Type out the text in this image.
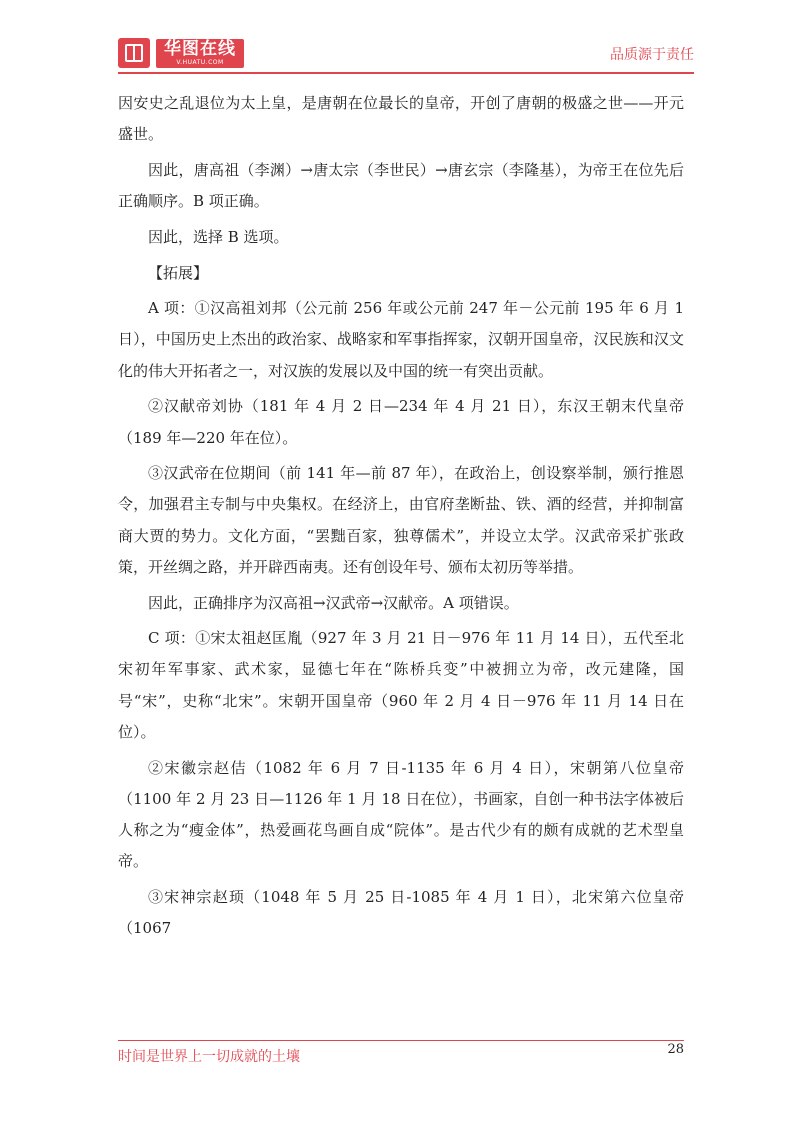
华图在线
V.HUATU.COM	品质源于责任

因安史之乱退位为太上皇，是唐朝在位最长的皇帝，开创了唐朝的极盛之世——开元盛世。

因此，唐高祖（李渊）→唐太宗（李世民）→唐玄宗（李隆基），为帝王在位先后正确顺序。B 项正确。

因此，选择 B 选项。

【拓展】

A 项：①汉高祖刘邦（公元前 256 年或公元前 247 年－公元前 195 年 6 月 1 日），中国历史上杰出的政治家、战略家和军事指挥家，汉朝开国皇帝，汉民族和汉文化的伟大开拓者之一，对汉族的发展以及中国的统一有突出贡献。

②汉献帝刘协（181 年 4 月 2 日—234 年 4 月 21 日），东汉王朝末代皇帝（189 年—220 年在位）。

③汉武帝在位期间（前 141 年—前 87 年），在政治上，创设察举制，颁行推恩令，加强君主专制与中央集权。在经济上，由官府垄断盐、铁、酒的经营，并抑制富商大贾的势力。文化方面，“罢黜百家，独尊儒术”，并设立太学。汉武帝采扩张政策，开丝绸之路，并开辟西南夷。还有创设年号、颁布太初历等举措。

因此，正确排序为汉高祖→汉武帝→汉献帝。A 项错误。

C 项：①宋太祖赵匡胤（927 年 3 月 21 日－976 年 11 月 14 日），五代至北宋初年军事家、武术家，显德七年在“陈桥兵变”中被拥立为帝，改元建隆，国号“宋”，史称“北宋”。宋朝开国皇帝（960 年 2 月 4 日－976 年 11 月 14 日在位）。

②宋徽宗赵佶（1082 年 6 月 7 日-1135 年 6 月 4 日），宋朝第八位皇帝（1100 年 2 月 23 日—1126 年 1 月 18 日在位），书画家，自创一种书法字体被后人称之为“瘦金体”，热爱画花鸟画自成“院体”。是古代少有的颇有成就的艺术型皇帝。

③宋神宗赵顼（1048 年 5 月 25 日-1085 年 4 月 1 日），北宋第六位皇帝（1067

时间是世界上一切成就的土壤	28
